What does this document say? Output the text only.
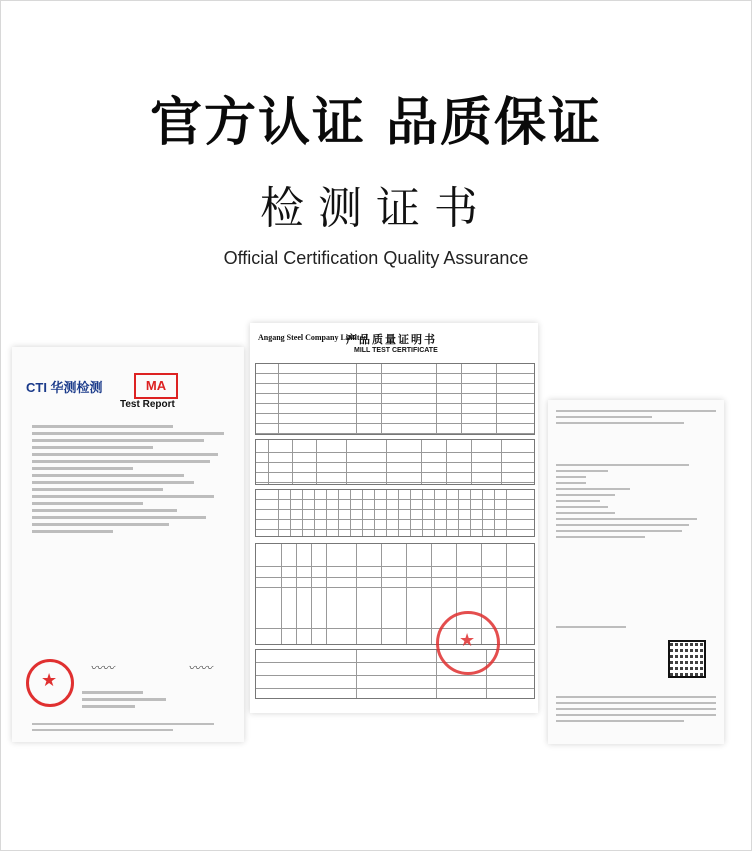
官方认证 品质保证
检测证书
Official Certification Quality Assurance
CTI 华测检测	MA
Test Report
★
〰〰	〰〰
Angang Steel Company Limited
产品质量证明书
MILL TEST CERTIFICATE
★
